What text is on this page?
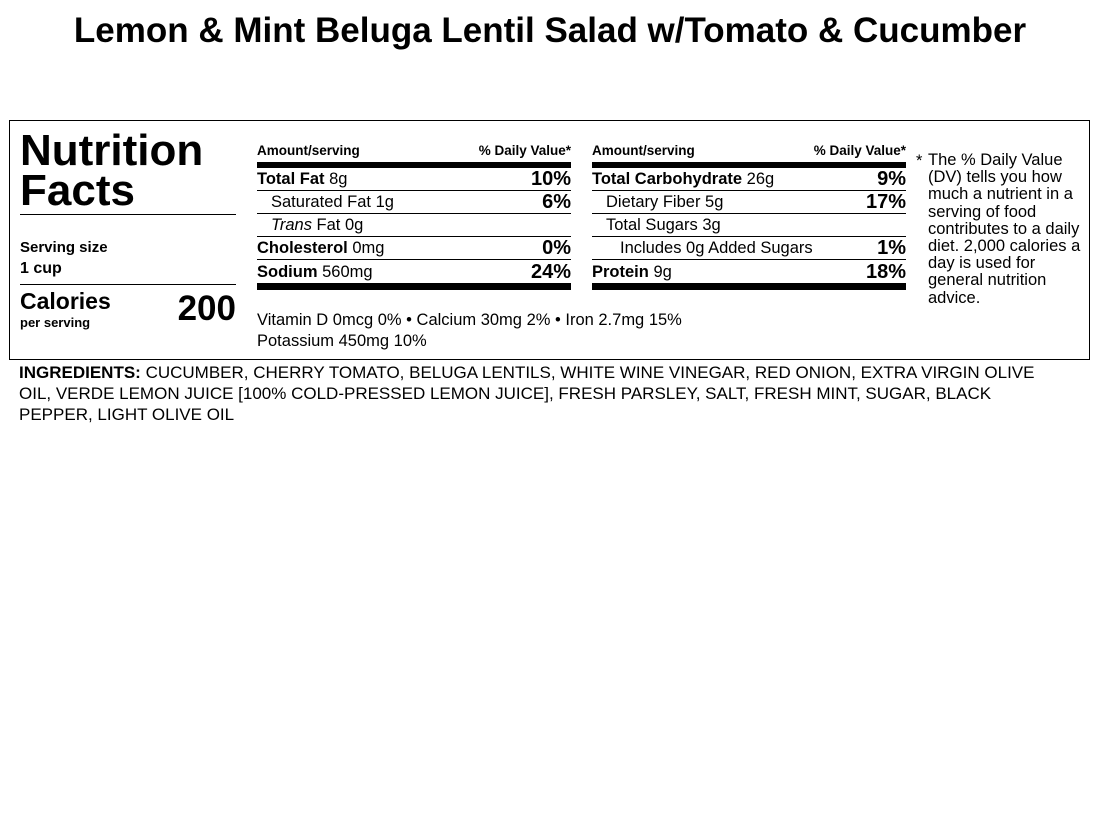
Lemon & Mint Beluga Lentil Salad w/Tomato & Cucumber
Nutrition
Facts
Serving size
1 cup
Calories
per serving	200
Amount/serving	% Daily Value*
Total Fat 8g	10%
Saturated Fat 1g	6%
Trans Fat 0g
Cholesterol 0mg	0%
Sodium 560mg	24%
Amount/serving	% Daily Value*
Total Carbohydrate 26g	9%
Dietary Fiber 5g	17%
Total Sugars 3g
Includes 0g Added Sugars	1%
Protein 9g	18%
Vitamin D 0mcg 0% • Calcium 30mg 2% • Iron 2.7mg 15%
Potassium 450mg 10%
* The % Daily Value (DV) tells you how much a nutrient in a serving of food contributes to a daily diet. 2,000 calories a day is used for general nutrition advice.
INGREDIENTS: CUCUMBER, CHERRY TOMATO, BELUGA LENTILS, WHITE WINE VINEGAR, RED ONION, EXTRA VIRGIN OLIVE OIL, VERDE LEMON JUICE [100% COLD-PRESSED LEMON JUICE], FRESH PARSLEY, SALT, FRESH MINT, SUGAR, BLACK PEPPER, LIGHT OLIVE OIL
